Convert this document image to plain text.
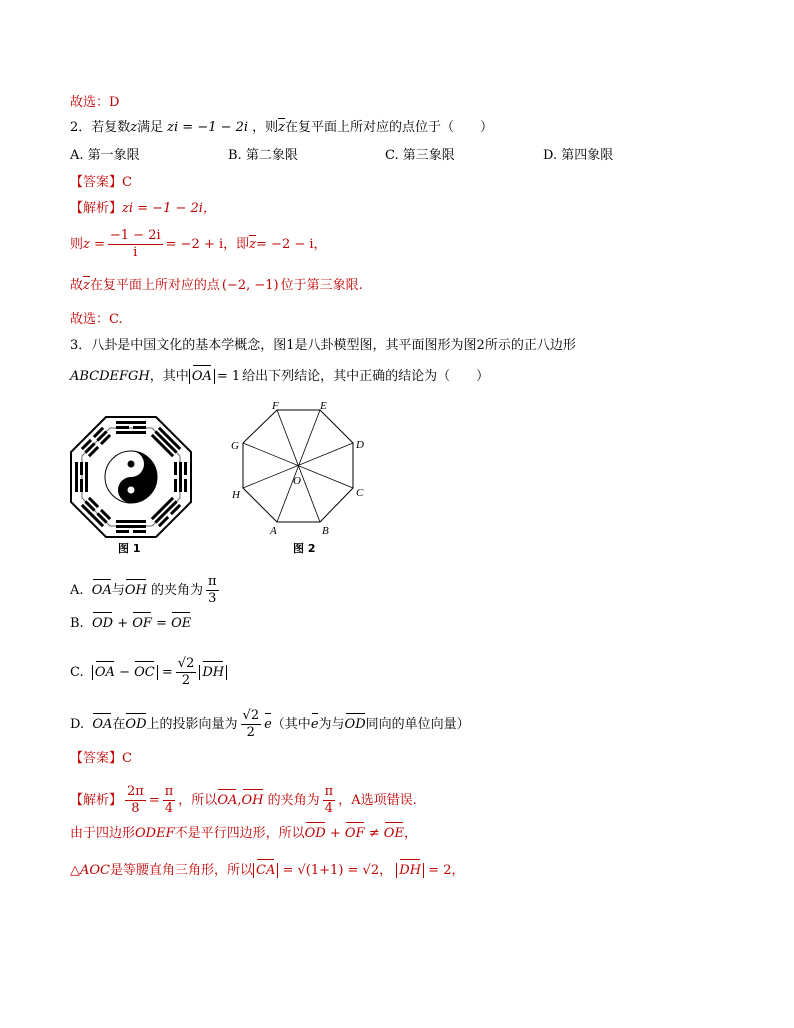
故选：D
2．若复数z满足 zi = −1 − 2i ，则z在复平面上所对应的点位于（　　）
A. 第一象限	B. 第二象限	C. 第三象限	D. 第四象限
【答案】C
【解析】zi = −1 − 2i，
则$z = \frac{-1 - 2i}{i} = -2 + i$，即z= −2 − i，
故z在复平面上所对应的点 (−2, −1) 位于第三象限.
故选：C.
3．八卦是中国文化的基本学概念，图1是八卦模型图，其平面图形为图2所示的正八边形
ABCDEFGH，其中 OA = 1 给出下列结论，其中正确的结论为（　　）
图 1
F	E
D
C
B
A
H
G
O
图 2
A. OA与OH 的夹角为 $\frac{\pi}{3}$
B. OD + OF = OE
C. OA − OC = $\frac{√2}{2}$ DH
D. OA在OD上的投影向量为 $\frac{√2}{2} e$（其中e为与OD同向的单位向量）
【答案】C
【解析】 $\frac{2\pi}{8} = \frac{\pi}{4}$ ，所以OA,OH 的夹角为 $\frac{\pi}{4}$ ，A选项错误.
由于四边形ODEF不是平行四边形，所以OD + OF ≠ OE，
△AOC是等腰直角三角形，所以 CA = √(1+1) = √2， DH = 2，
